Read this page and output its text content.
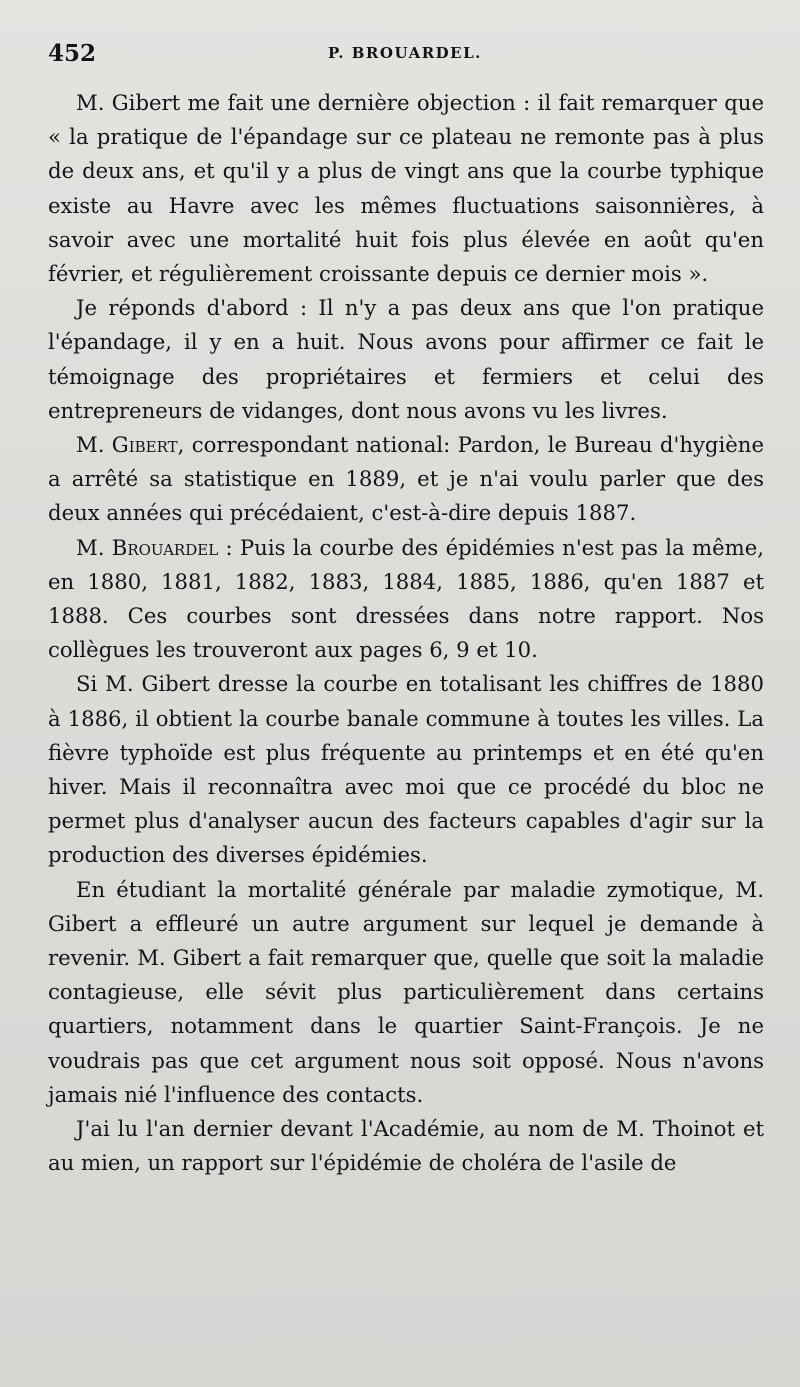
452	P. BROUARDEL.

M. Gibert me fait une dernière objection : il fait remarquer que « la pratique de l'épandage sur ce plateau ne remonte pas à plus de deux ans, et qu'il y a plus de vingt ans que la courbe typhique existe au Havre avec les mêmes fluctuations saisonnières, à savoir avec une mortalité huit fois plus élevée en août qu'en février, et régulièrement croissante depuis ce dernier mois ».

Je réponds d'abord : Il n'y a pas deux ans que l'on pratique l'épandage, il y en a huit. Nous avons pour affirmer ce fait le témoignage des propriétaires et fermiers et celui des entrepreneurs de vidanges, dont nous avons vu les livres.

M. Gibert, correspondant national: Pardon, le Bureau d'hygiène a arrêté sa statistique en 1889, et je n'ai voulu parler que des deux années qui précédaient, c'est-à-dire depuis 1887.

M. Brouardel : Puis la courbe des épidémies n'est pas la même, en 1880, 1881, 1882, 1883, 1884, 1885, 1886, qu'en 1887 et 1888. Ces courbes sont dressées dans notre rapport. Nos collègues les trouveront aux pages 6, 9 et 10.

Si M. Gibert dresse la courbe en totalisant les chiffres de 1880 à 1886, il obtient la courbe banale commune à toutes les villes. La fièvre typhoïde est plus fréquente au printemps et en été qu'en hiver. Mais il reconnaîtra avec moi que ce procédé du bloc ne permet plus d'analyser aucun des facteurs capables d'agir sur la production des diverses épidémies.

En étudiant la mortalité générale par maladie zymotique, M. Gibert a effleuré un autre argument sur lequel je demande à revenir. M. Gibert a fait remarquer que, quelle que soit la maladie contagieuse, elle sévit plus particulièrement dans certains quartiers, notamment dans le quartier Saint-François. Je ne voudrais pas que cet argument nous soit opposé. Nous n'avons jamais nié l'influence des contacts.

J'ai lu l'an dernier devant l'Académie, au nom de M. Thoinot et au mien, un rapport sur l'épidémie de choléra de l'asile de
